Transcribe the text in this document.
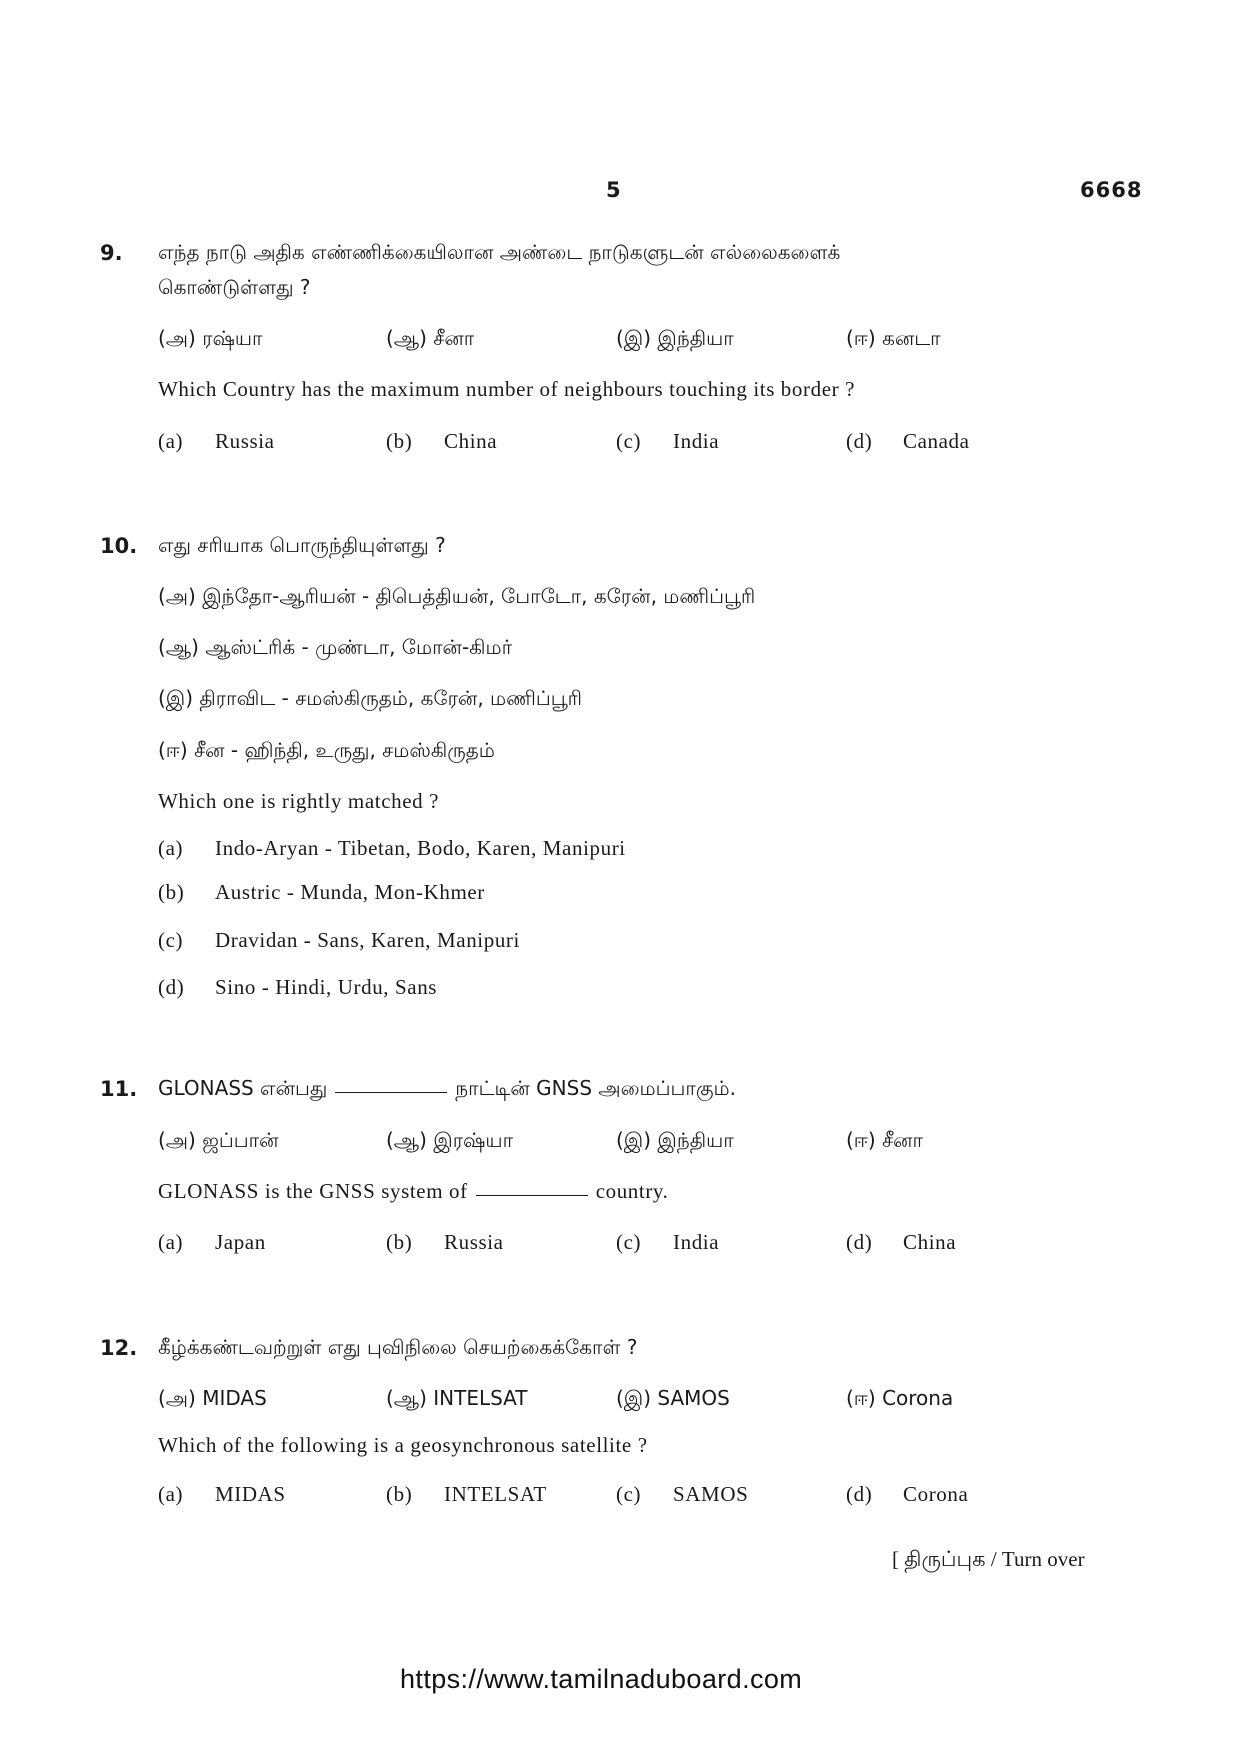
5	6668
9. எந்த நாடு அதிக எண்ணிக்கையிலான அண்டை நாடுகளுடன் எல்லைகளைக்
கொண்டுள்ளது ?
(அ) ரஷ்யா	(ஆ) சீனா	(இ) இந்தியா	(ஈ) கனடா
Which Country has the maximum number of neighbours touching its border ?
(a) Russia	(b) China	(c) India	(d) Canada
10. எது சரியாக பொருந்தியுள்ளது ?
(அ) இந்தோ-ஆரியன் - திபெத்தியன், போடோ, கரேன், மணிப்பூரி
(ஆ) ஆஸ்ட்ரிக் - முண்டா, மோன்-கிமர்
(இ) திராவிட - சமஸ்கிருதம், கரேன், மணிப்பூரி
(ஈ) சீன - ஹிந்தி, உருது, சமஸ்கிருதம்
Which one is rightly matched ?
(a) Indo-Aryan - Tibetan, Bodo, Karen, Manipuri
(b) Austric - Munda, Mon-Khmer
(c) Dravidan - Sans, Karen, Manipuri
(d) Sino - Hindi, Urdu, Sans
11. GLONASS என்பது	நாட்டின் GNSS அமைப்பாகும்.
(அ) ஜப்பான்	(ஆ) இரஷ்யா	(இ) இந்தியா	(ஈ) சீனா
GLONASS is the GNSS system of	country.
(a) Japan	(b) Russia	(c) India	(d) China
12. கீழ்க்கண்டவற்றுள் எது புவிநிலை செயற்கைக்கோள் ?
(அ) MIDAS	(ஆ) INTELSAT	(இ) SAMOS	(ஈ) Corona
Which of the following is a geosynchronous satellite ?
(a) MIDAS	(b) INTELSAT	(c) SAMOS	(d) Corona
[ திருப்புக / Turn over
https://www.tamilnaduboard.com
